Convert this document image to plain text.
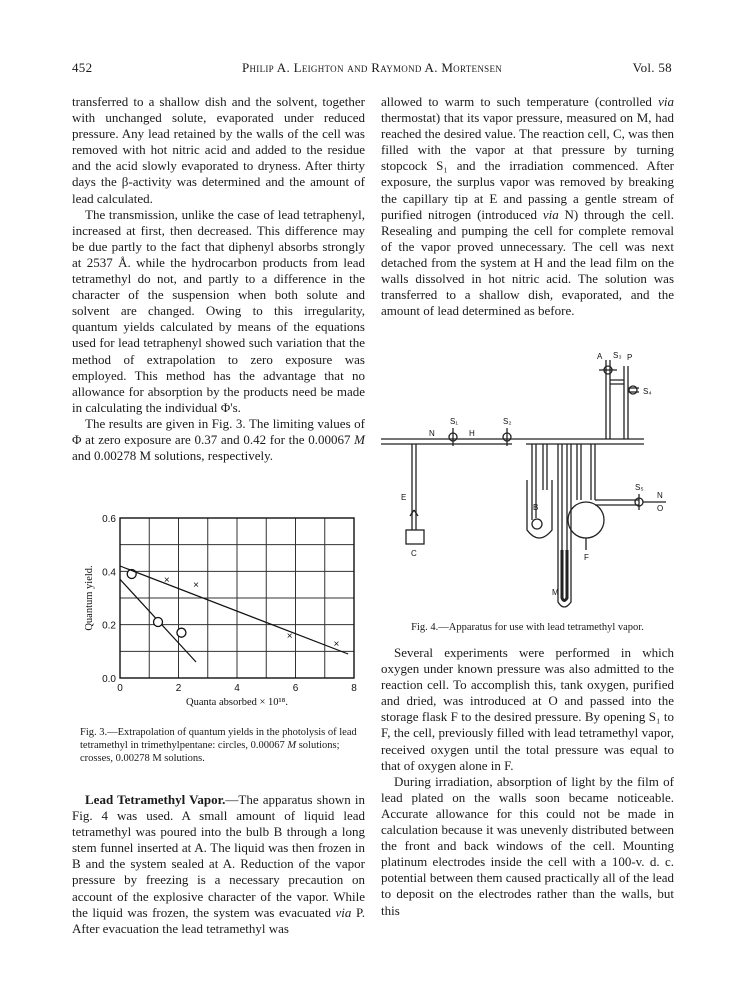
452	Philip A. Leighton and Raymond A. Mortensen	Vol. 58

transferred to a shallow dish and the solvent, together with unchanged solute, evaporated under reduced pressure. Any lead retained by the walls of the cell was removed with hot nitric acid and added to the residue and the acid slowly evaporated to dryness. After thirty days the β-activity was determined and the amount of lead calculated.

The transmission, unlike the case of lead tetraphenyl, increased at first, then decreased. This difference may be due partly to the fact that diphenyl absorbs strongly at 2537 Å. while the hydrocarbon products from lead tetramethyl do not, and partly to a difference in the character of the suspension when both solute and solvent are changed. Owing to this irregularity, quantum yields calculated by means of the equations used for lead tetraphenyl showed such variation that the method of extrapolation to zero exposure was employed. This method has the advantage that no allowance for absorption by the products need be made in calculating the individual Φ's.

The results are given in Fig. 3. The limiting values of Φ at zero exposure are 0.37 and 0.42 for the 0.00067 M and 0.00278 M solutions, respectively.

0	2	4	6	8
0.0
0.2
0.4
0.6
Quanta absorbed × 10¹⁸.
Quantum yield.	× ×
×
×
Fig. 3.—Extrapolation of quantum yields in the photolysis of lead tetramethyl in trimethylpentane: circles, 0.00067 M solutions; crosses, 0.00278 M solutions.

Lead Tetramethyl Vapor.—The apparatus shown in Fig. 4 was used. A small amount of liquid lead tetramethyl was poured into the bulb B through a long stem funnel inserted at A. The liquid was then frozen in B and the system sealed at A. Reduction of the vapor pressure by freezing is a necessary precaution on account of the explosive character of the vapor. While the liquid was frozen, the system was evacuated via P. After evacuation the lead tetramethyl was

allowed to warm to such temperature (controlled via thermostat) that its vapor pressure, measured on M, had reached the desired value. The reaction cell, C, was then filled with the vapor at that pressure by turning stopcock S₁ and the irradiation commenced. After exposure, the surplus vapor was removed by breaking the capillary tip at E and passing a gentle stream of purified nitrogen (introduced via N) through the cell. Resealing and pumping the cell for complete removal of the vapor proved unnecessary. The cell was next detached from the system at H and the lead film on the walls dissolved in hot nitric acid. The solution was transferred to a shallow dish, evaporated, and the amount of lead determined as before.

A S₃ P
S₄
S₁	S₂
N	H
E
B
C	F
M
S₅
N
O
Fig. 4.—Apparatus for use with lead tetramethyl vapor.

Several experiments were performed in which oxygen under known pressure was also admitted to the reaction cell. To accomplish this, tank oxygen, purified and dried, was introduced at O and passed into the storage flask F to the desired pressure. By opening S₁ to F, the cell, previously filled with lead tetramethyl vapor, received oxygen until the total pressure was equal to that of oxygen alone in F.

During irradiation, absorption of light by the film of lead plated on the walls soon became noticeable. Accurate allowance for this could not be made in calculation because it was unevenly distributed between the front and back windows of the cell. Mounting platinum electrodes inside the cell with a 100-v. d. c. potential between them caused practically all of the lead to deposit on the electrodes rather than the walls, but this
